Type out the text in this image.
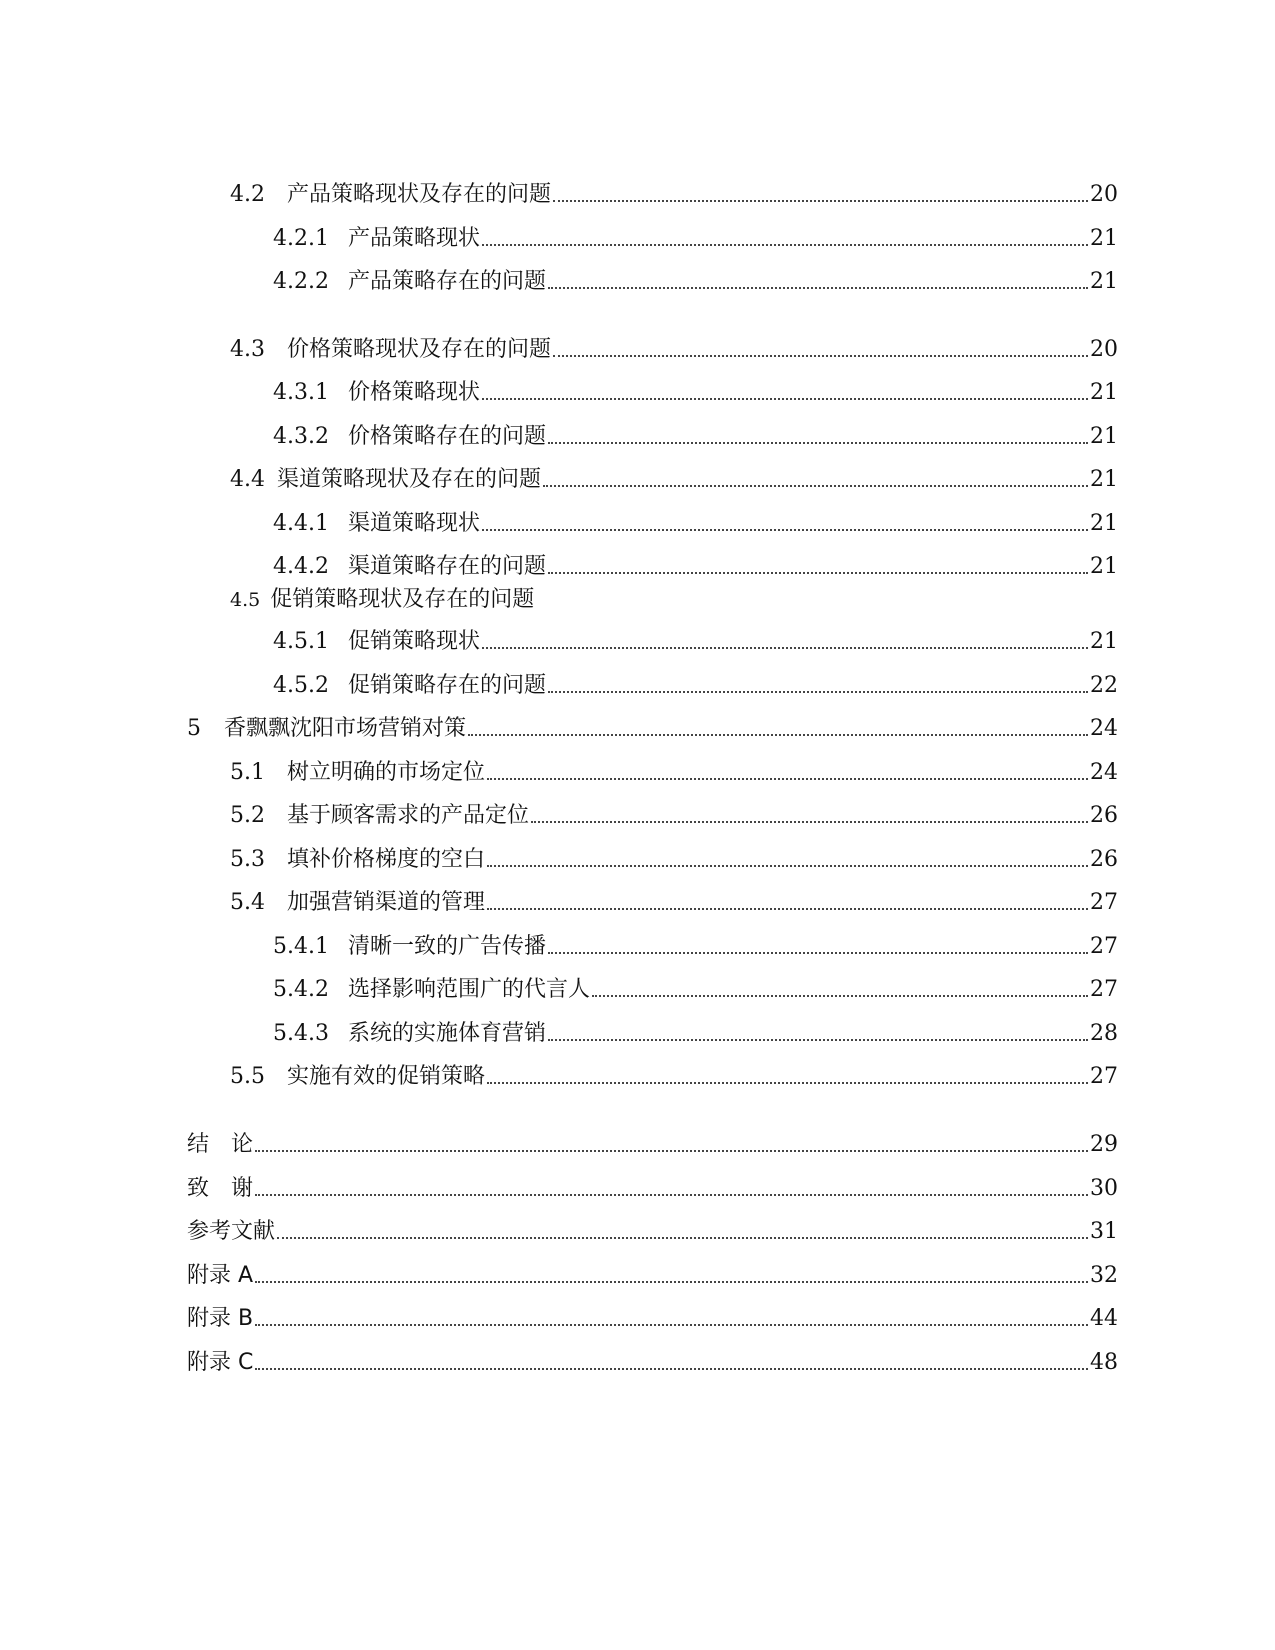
4.2	产品策略现状及存在的问题	20
4.2.1 产品策略现状	21
4.2.2 产品策略存在的问题	21
4.3	价格策略现状及存在的问题	20
4.3.1 价格策略现状	21
4.3.2 价格策略存在的问题	21
4.4 渠道策略现状及存在的问题	21
4.4.1 渠道策略现状	21
4.4.2 渠道策略存在的问题	21
4.5 促销策略现状及存在的问题
4.5.1 促销策略现状	21
4.5.2 促销策略存在的问题	22
5	香飘飘沈阳市场营销对策	24
5.1	树立明确的市场定位	24
5.2	基于顾客需求的产品定位	26
5.3	填补价格梯度的空白	26
5.4	加强营销渠道的管理	27
5.4.1 清晰一致的广告传播	27
5.4.2 选择影响范围广的代言人	27
5.4.3 系统的实施体育营销	28
5.5	实施有效的促销策略	27
结　论	29
致　谢	30
参考文献	31
附录 A	32
附录 B	44
附录 C	48
